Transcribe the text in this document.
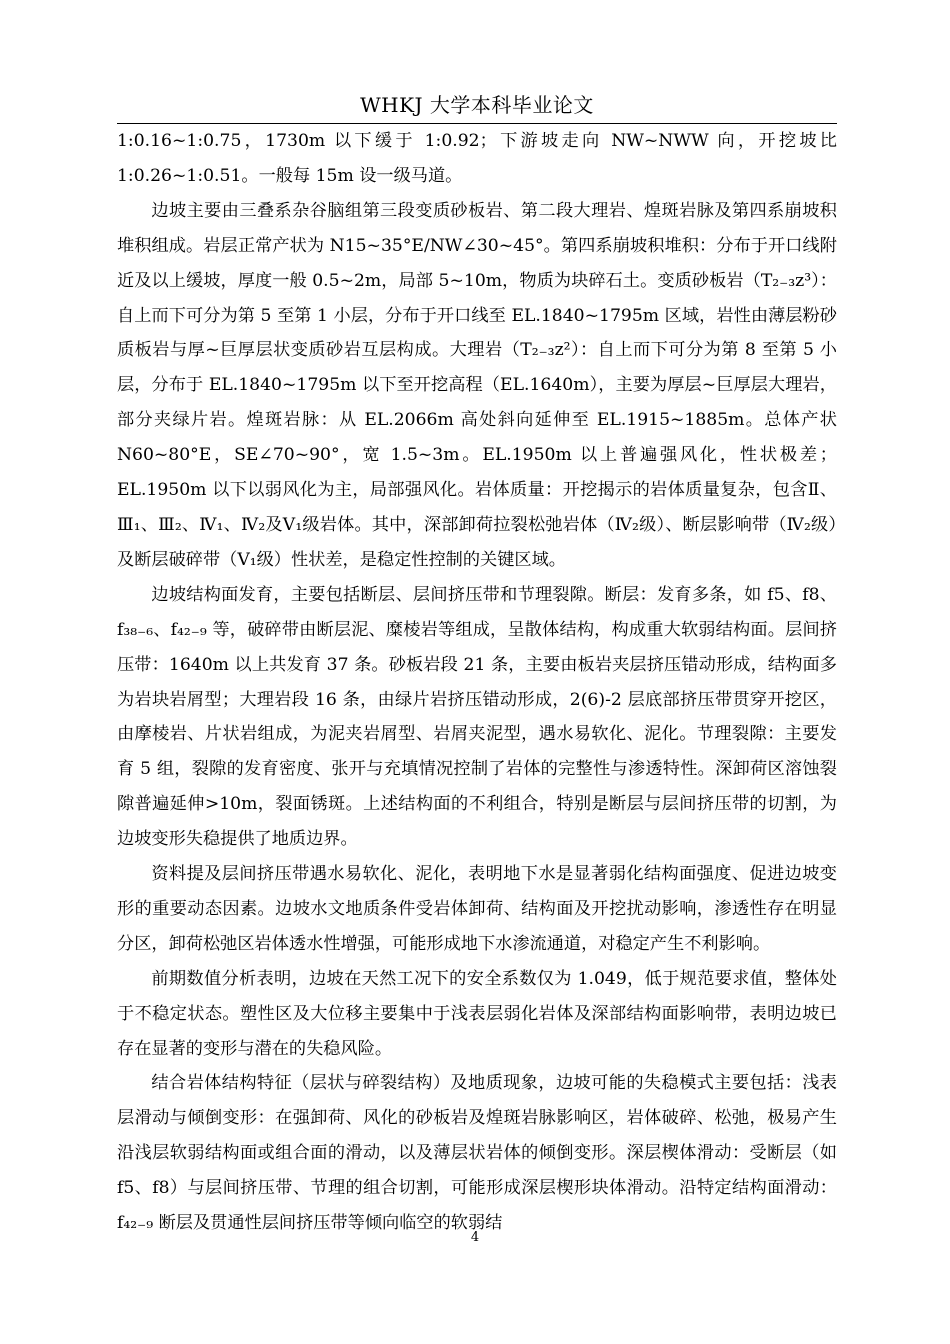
WHKJ 大学本科毕业论文

1:0.16~1:0.75，1730m 以下缓于 1:0.92；下游坡走向 NW~NWW 向，开挖坡比 1:0.26~1:0.51。一般每 15m 设一级马道。

边坡主要由三叠系杂谷脑组第三段变质砂板岩、第二段大理岩、煌斑岩脉及第四系崩坡积堆积组成。岩层正常产状为 N15~35°E/NW∠30~45°。第四系崩坡积堆积：分布于开口线附近及以上缓坡，厚度一般 0.5~2m，局部 5~10m，物质为块碎石土。变质砂板岩（T₂₋₃z³）：自上而下可分为第 5 至第 1 小层，分布于开口线至 EL.1840~1795m 区域，岩性由薄层粉砂质板岩与厚~巨厚层状变质砂岩互层构成。大理岩（T₂₋₃z²）：自上而下可分为第 8 至第 5 小层，分布于 EL.1840~1795m 以下至开挖高程（EL.1640m），主要为厚层~巨厚层大理岩，部分夹绿片岩。煌斑岩脉：从 EL.2066m 高处斜向延伸至 EL.1915~1885m。总体产状 N60~80°E，SE∠70~90°，宽 1.5~3m。EL.1950m 以上普遍强风化，性状极差；EL.1950m 以下以弱风化为主，局部强风化。岩体质量：开挖揭示的岩体质量复杂，包含Ⅱ、Ⅲ₁、Ⅲ₂、Ⅳ₁、Ⅳ₂及Ⅴ₁级岩体。其中，深部卸荷拉裂松弛岩体（Ⅳ₂级）、断层影响带（Ⅳ₂级）及断层破碎带（Ⅴ₁级）性状差，是稳定性控制的关键区域。

边坡结构面发育，主要包括断层、层间挤压带和节理裂隙。断层：发育多条，如 f5、f8、f₃₈₋₆、f₄₂₋₉ 等，破碎带由断层泥、糜棱岩等组成，呈散体结构，构成重大软弱结构面。层间挤压带：1640m 以上共发育 37 条。砂板岩段 21 条，主要由板岩夹层挤压错动形成，结构面多为岩块岩屑型；大理岩段 16 条，由绿片岩挤压错动形成，2(6)-2 层底部挤压带贯穿开挖区，由摩棱岩、片状岩组成，为泥夹岩屑型、岩屑夹泥型，遇水易软化、泥化。节理裂隙：主要发育 5 组，裂隙的发育密度、张开与充填情况控制了岩体的完整性与渗透特性。深卸荷区溶蚀裂隙普遍延伸>10m，裂面锈斑。上述结构面的不利组合，特别是断层与层间挤压带的切割，为边坡变形失稳提供了地质边界。

资料提及层间挤压带遇水易软化、泥化，表明地下水是显著弱化结构面强度、促进边坡变形的重要动态因素。边坡水文地质条件受岩体卸荷、结构面及开挖扰动影响，渗透性存在明显分区，卸荷松弛区岩体透水性增强，可能形成地下水渗流通道，对稳定产生不利影响。

前期数值分析表明，边坡在天然工况下的安全系数仅为 1.049，低于规范要求值，整体处于不稳定状态。塑性区及大位移主要集中于浅表层弱化岩体及深部结构面影响带，表明边坡已存在显著的变形与潜在的失稳风险。

结合岩体结构特征（层状与碎裂结构）及地质现象，边坡可能的失稳模式主要包括：浅表层滑动与倾倒变形：在强卸荷、风化的砂板岩及煌斑岩脉影响区，岩体破碎、松弛，极易产生沿浅层软弱结构面或组合面的滑动，以及薄层状岩体的倾倒变形。深层楔体滑动：受断层（如 f5、f8）与层间挤压带、节理的组合切割，可能形成深层楔形块体滑动。沿特定结构面滑动：f₄₂₋₉ 断层及贯通性层间挤压带等倾向临空的软弱结

4
